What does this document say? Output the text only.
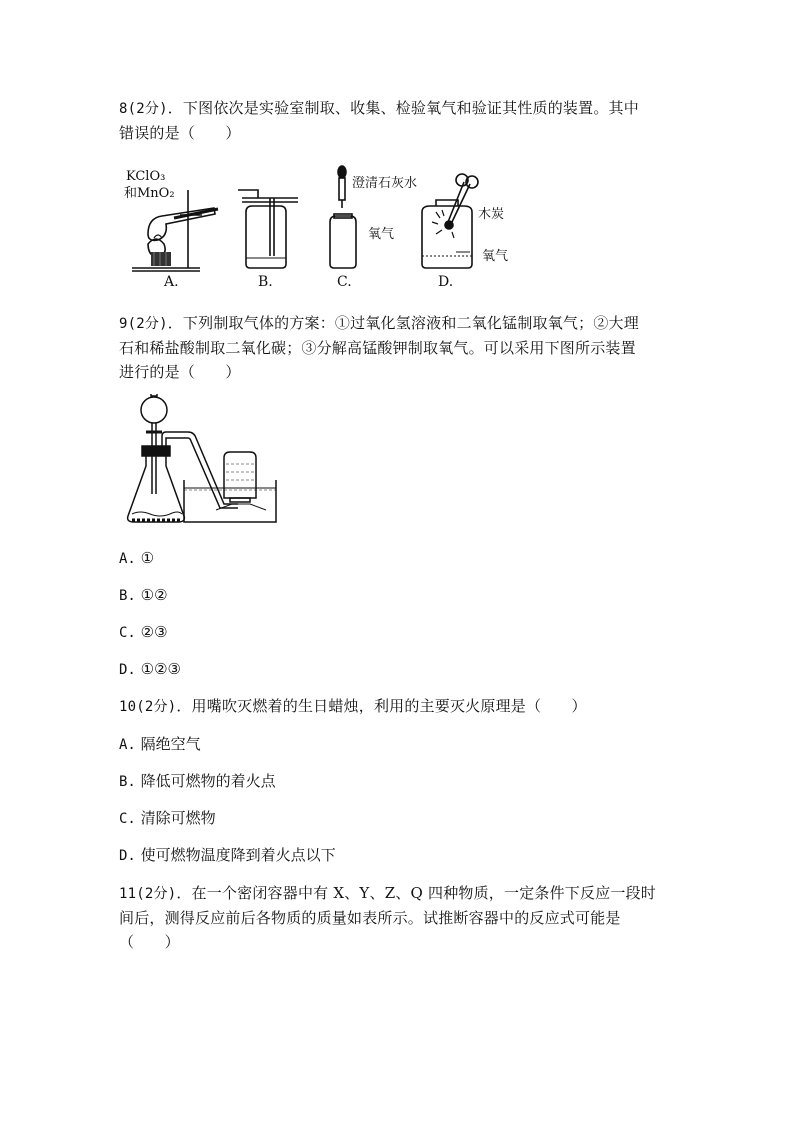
8(2分)．下图依次是实验室制取、收集、检验氧气和验证其性质的装置。其中
错误的是（　　）
KClO₃
和MnO₂
澄清石灰水
氧气
木炭
氧气
A.	B.	C.	D.
9(2分)．下列制取气体的方案：①过氧化氢溶液和二氧化锰制取氧气；②大理
石和稀盐酸制取二氧化碳；③分解高锰酸钾制取氧气。可以采用下图所示装置
进行的是（　　）
A. ①
B. ①②
C. ②③
D. ①②③
10(2分)．用嘴吹灭燃着的生日蜡烛，利用的主要灭火原理是（　　）
A. 隔绝空气
B. 降低可燃物的着火点
C. 清除可燃物
D. 使可燃物温度降到着火点以下
11(2分)．在一个密闭容器中有 X、Y、Z、Q 四种物质，一定条件下反应一段时
间后，测得反应前后各物质的质量如表所示。试推断容器中的反应式可能是
（　　）
